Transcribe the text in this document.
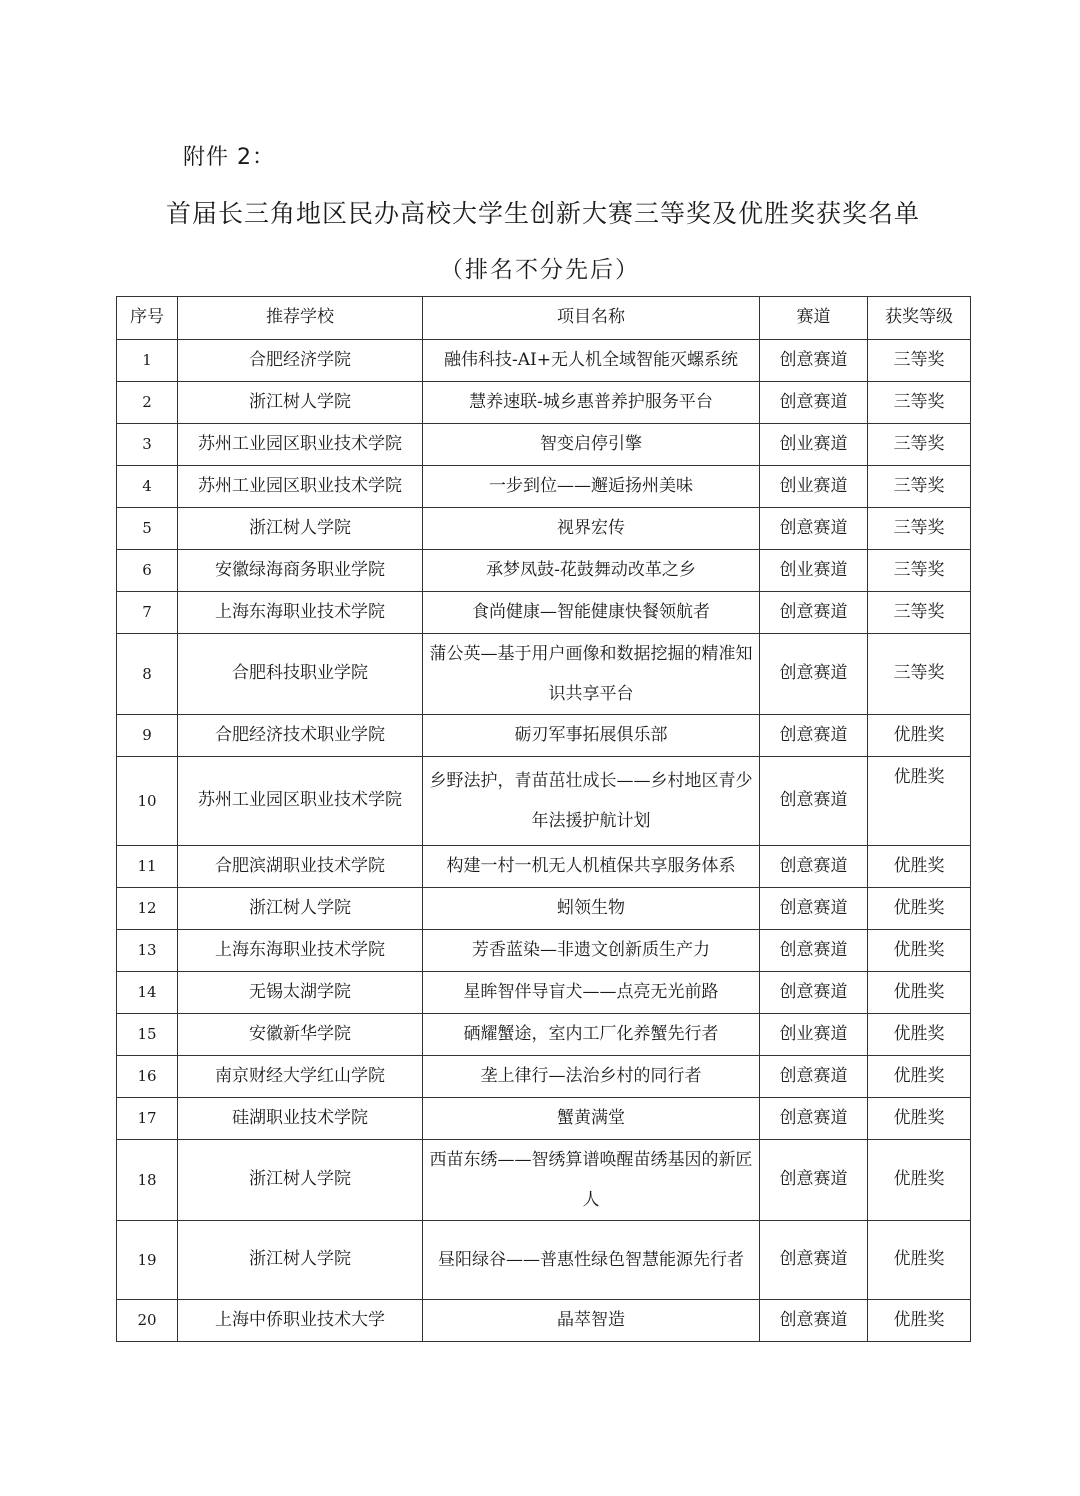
附件 2：
首届长三角地区民办高校大学生创新大赛三等奖及优胜奖获奖名单
（排名不分先后）
序号	推荐学校	项目名称	赛道	获奖等级
1	合肥经济学院	融伟科技-AI+无人机全域智能灭螺系统	创意赛道	三等奖
2	浙江树人学院	慧养速联-城乡惠普养护服务平台	创意赛道	三等奖
3	苏州工业园区职业技术学院	智变启停引擎	创业赛道	三等奖
4	苏州工业园区职业技术学院	一步到位——邂逅扬州美味	创业赛道	三等奖
5	浙江树人学院	视界宏传	创意赛道	三等奖
6	安徽绿海商务职业学院	承梦凤鼓-花鼓舞动改革之乡	创业赛道	三等奖
7	上海东海职业技术学院	食尚健康—智能健康快餐领航者	创意赛道	三等奖
8	合肥科技职业学院	蒲公英—基于用户画像和数据挖掘的精准知识共享平台	创意赛道	三等奖
9	合肥经济技术职业学院	砺刃军事拓展俱乐部	创意赛道	优胜奖
10	苏州工业园区职业技术学院	乡野法护，青苗茁壮成长——乡村地区青少年法援护航计划	创意赛道	优胜奖
11	合肥滨湖职业技术学院	构建一村一机无人机植保共享服务体系	创意赛道	优胜奖
12	浙江树人学院	蚓领生物	创意赛道	优胜奖
13	上海东海职业技术学院	芳香蓝染—非遗文创新质生产力	创意赛道	优胜奖
14	无锡太湖学院	星眸智伴导盲犬——点亮无光前路	创意赛道	优胜奖
15	安徽新华学院	硒耀蟹途，室内工厂化养蟹先行者	创业赛道	优胜奖
16	南京财经大学红山学院	垄上律行—法治乡村的同行者	创意赛道	优胜奖
17	硅湖职业技术学院	蟹黄满堂	创意赛道	优胜奖
18	浙江树人学院	西苗东绣——智绣算谱唤醒苗绣基因的新匠人	创意赛道	优胜奖
19	浙江树人学院	昼阳绿谷——普惠性绿色智慧能源先行者	创意赛道	优胜奖
20	上海中侨职业技术大学	晶萃智造	创意赛道	优胜奖
